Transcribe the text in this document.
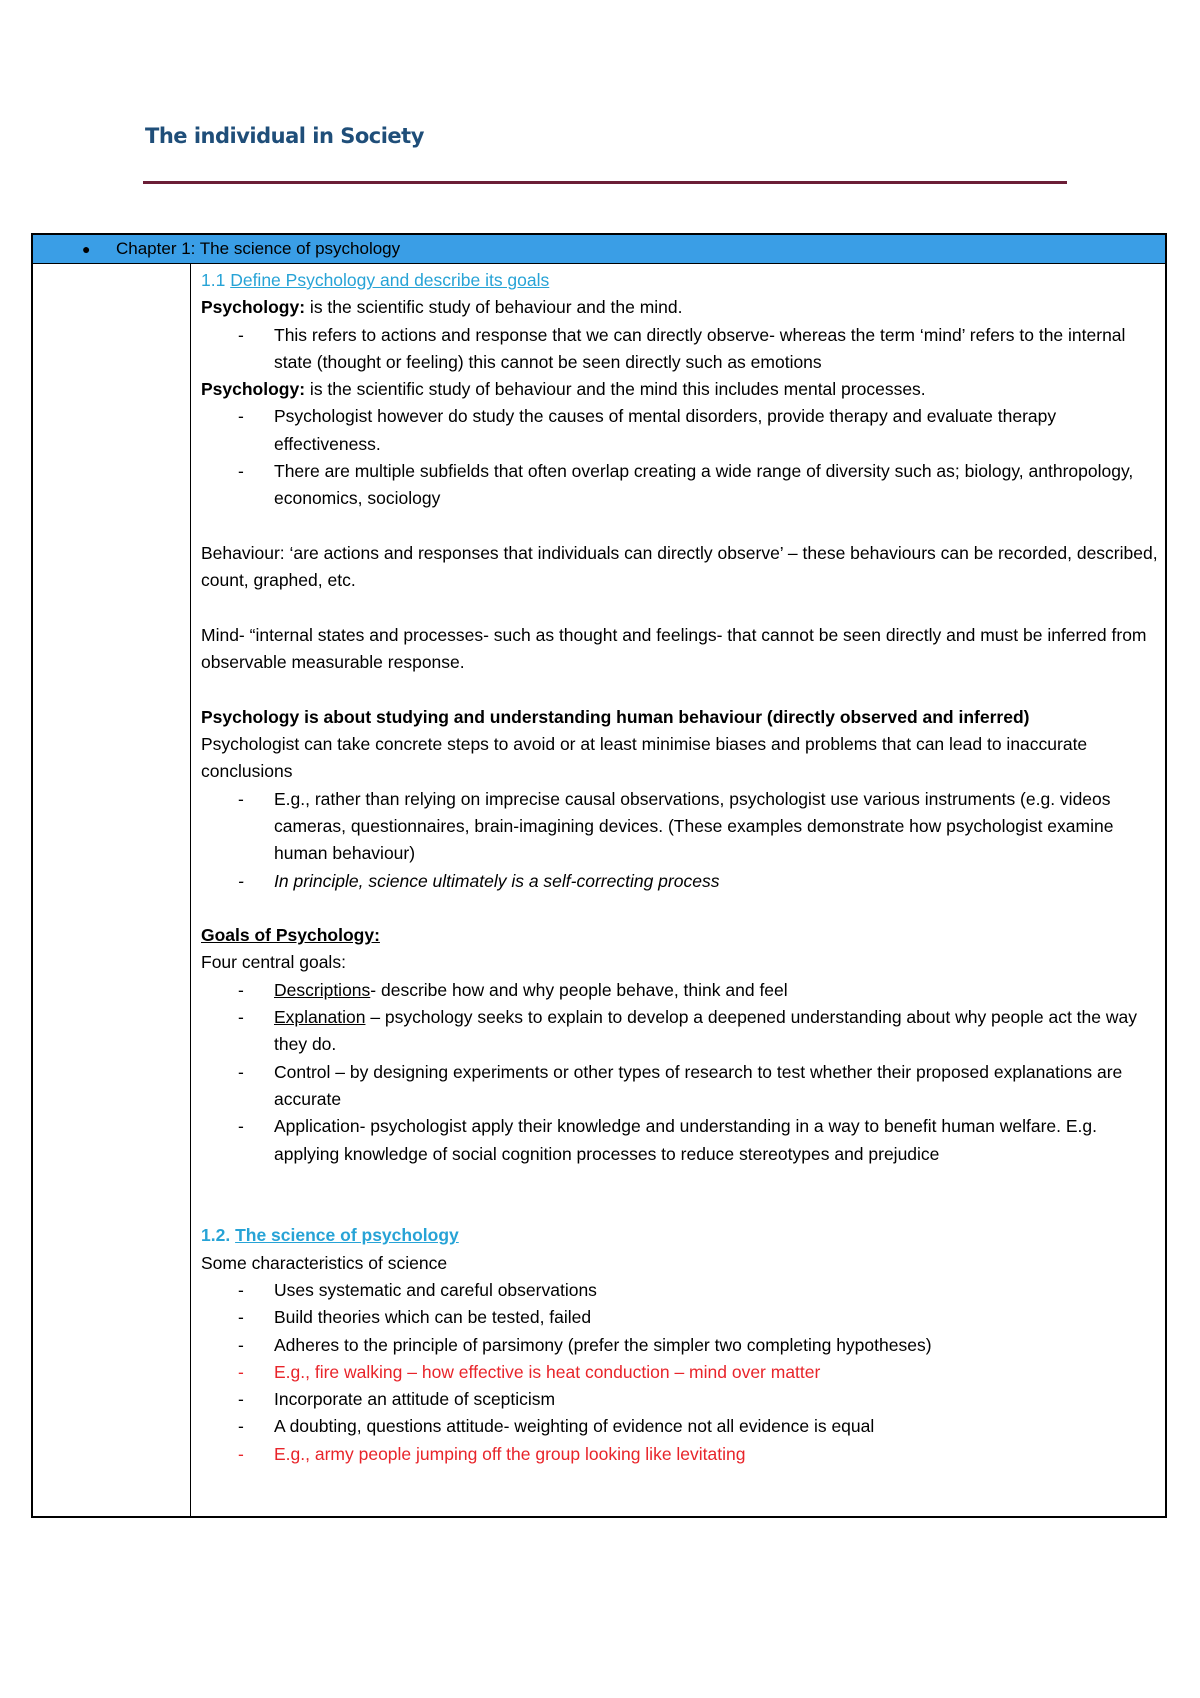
The individual in Society
● Chapter 1: The science of psychology

1.1 Define Psychology and describe its goals

Psychology: is the scientific study of behaviour and the mind.

- This refers to actions and response that we can directly observe- whereas the term ‘mind’ refers to the internal state (thought or feeling) this cannot be seen directly such as emotions

Psychology: is the scientific study of behaviour and the mind this includes mental processes.

- Psychologist however do study the causes of mental disorders, provide therapy and evaluate therapy effectiveness.
- There are multiple subfields that often overlap creating a wide range of diversity such as; biology, anthropology, economics, sociology

Behaviour: ‘are actions and responses that individuals can directly observe’ – these behaviours can be recorded, described, count, graphed, etc.

Mind- “internal states and processes- such as thought and feelings- that cannot be seen directly and must be inferred from observable measurable response.

Psychology is about studying and understanding human behaviour (directly observed and inferred)

Psychologist can take concrete steps to avoid or at least minimise biases and problems that can lead to inaccurate conclusions

- E.g., rather than relying on imprecise causal observations, psychologist use various instruments (e.g. videos cameras, questionnaires, brain-imagining devices. (These examples demonstrate how psychologist examine human behaviour)
- In principle, science ultimately is a self-correcting process

Goals of Psychology:

Four central goals:

- Descriptions- describe how and why people behave, think and feel
- Explanation – psychology seeks to explain to develop a deepened understanding about why people act the way they do.
- Control – by designing experiments or other types of research to test whether their proposed explanations are accurate
- Application- psychologist apply their knowledge and understanding in a way to benefit human welfare. E.g. applying knowledge of social cognition processes to reduce stereotypes and prejudice

1.2. The science of psychology

Some characteristics of science

- Uses systematic and careful observations
- Build theories which can be tested, failed
- Adheres to the principle of parsimony (prefer the simpler two completing hypotheses)
- E.g., fire walking – how effective is heat conduction – mind over matter
- Incorporate an attitude of scepticism
- A doubting, questions attitude- weighting of evidence not all evidence is equal
- E.g., army people jumping off the group looking like levitating
